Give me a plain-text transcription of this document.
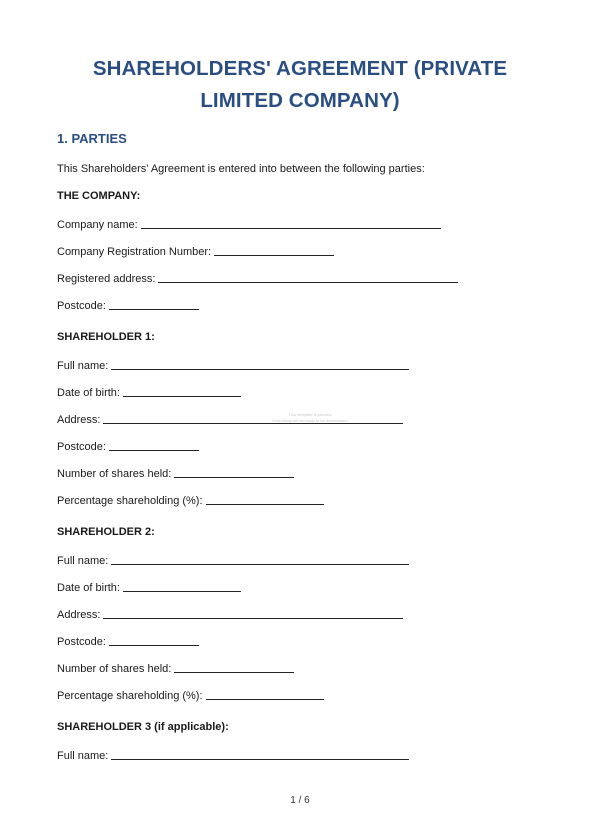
SHAREHOLDERS' AGREEMENT (PRIVATE
LIMITED COMPANY)
1. PARTIES
This Shareholders' Agreement is entered into between the following parties:
THE COMPANY:
Company name:
Company Registration Number:
Registered address:
Postcode:
SHAREHOLDER 1:
Full name:
Date of birth:
Address:
Postcode:
Number of shares held:
Percentage shareholding (%):
SHAREHOLDER 2:
Full name:
Date of birth:
Address:
Postcode:
Number of shares held:
Percentage shareholding (%):
SHAREHOLDER 3 (if applicable):
Full name:
This template is preview
Everything will be ready to be downloaded
1 / 6
